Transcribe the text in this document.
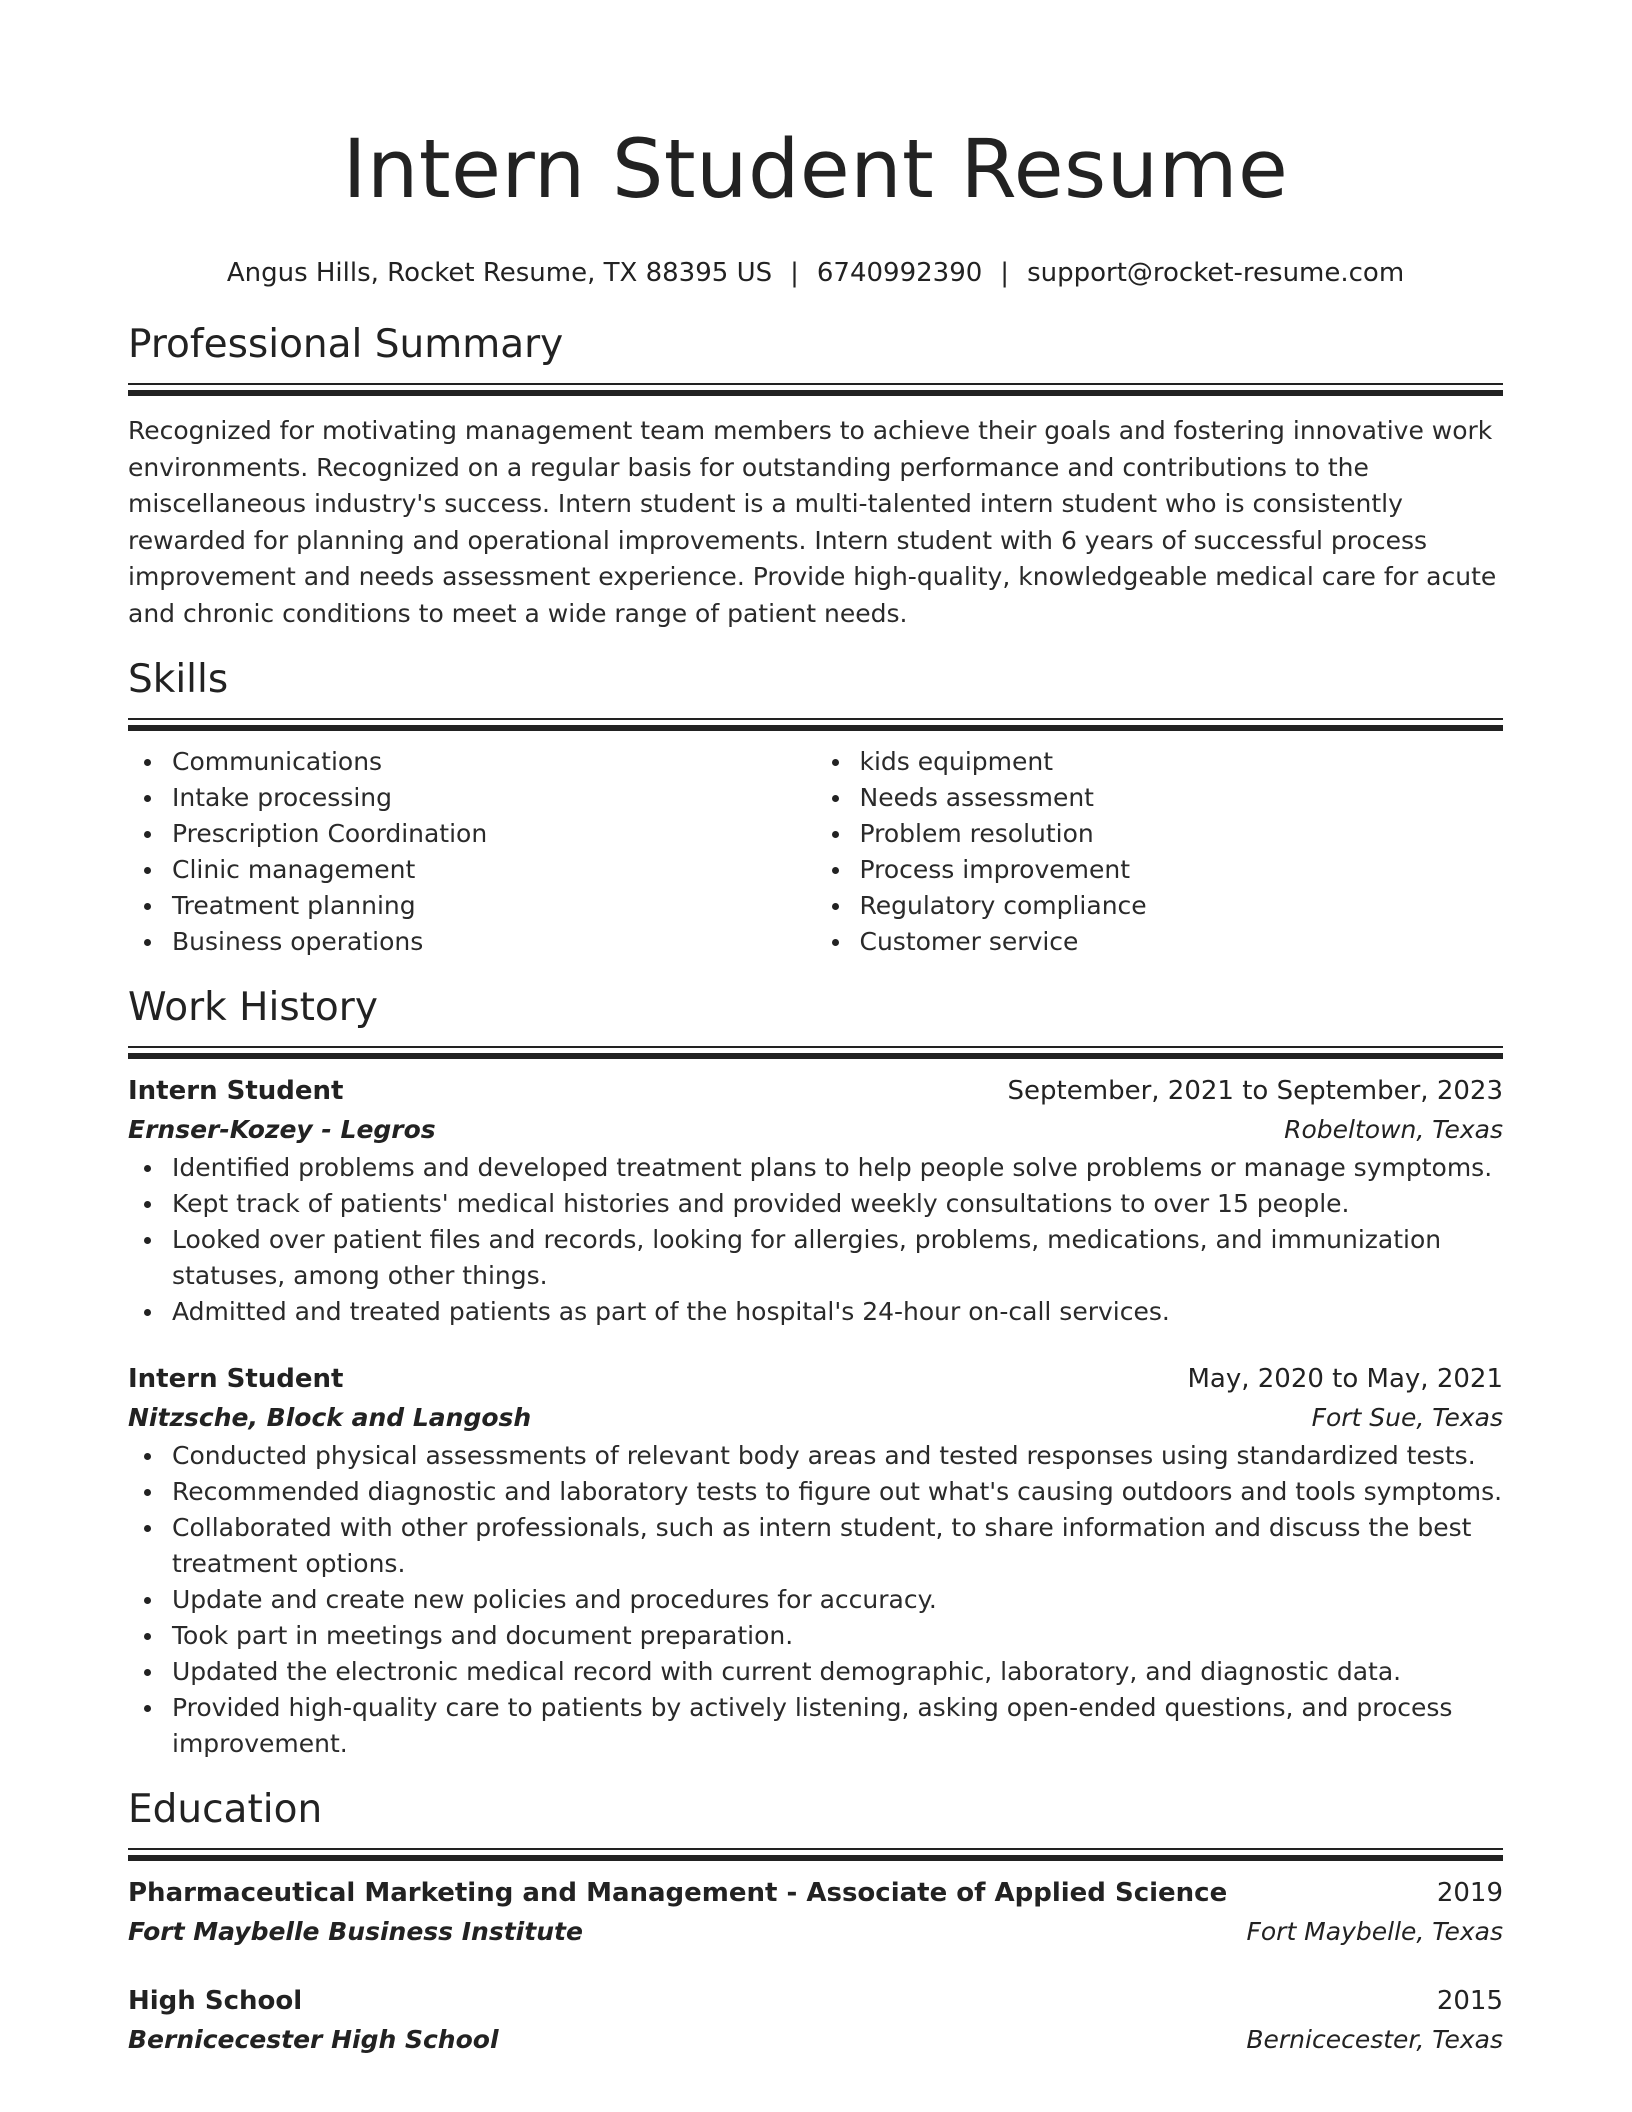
Intern Student Resume
Angus Hills, Rocket Resume, TX 88395 US | 6740992390 | support@rocket-resume.com
Professional Summary

Recognized for motivating management team members to achieve their goals and fostering innovative work environments. Recognized on a regular basis for outstanding performance and contributions to the miscellaneous industry's success. Intern student is a multi-talented intern student who is consistently rewarded for planning and operational improvements. Intern student with 6 years of successful process improvement and needs assessment experience. Provide high-quality, knowledgeable medical care for acute and chronic conditions to meet a wide range of patient needs.

Skills
Communications
Intake processing
Prescription Coordination
Clinic management
Treatment planning
Business operations
kids equipment
Needs assessment
Problem resolution
Process improvement
Regulatory compliance
Customer service
Work History
Intern Student	September, 2021 to September, 2023
Ernser-Kozey - Legros	Robeltown, Texas
Identified problems and developed treatment plans to help people solve problems or manage symptoms.
Kept track of patients' medical histories and provided weekly consultations to over 15 people.
Looked over patient files and records, looking for allergies, problems, medications, and immunization statuses, among other things.
Admitted and treated patients as part of the hospital's 24-hour on-call services.
Intern Student	May, 2020 to May, 2021
Nitzsche, Block and Langosh	Fort Sue, Texas
Conducted physical assessments of relevant body areas and tested responses using standardized tests.
Recommended diagnostic and laboratory tests to figure out what's causing outdoors and tools symptoms.
Collaborated with other professionals, such as intern student, to share information and discuss the best treatment options.
Update and create new policies and procedures for accuracy.
Took part in meetings and document preparation.
Updated the electronic medical record with current demographic, laboratory, and diagnostic data.
Provided high-quality care to patients by actively listening, asking open-ended questions, and process improvement.
Education
Pharmaceutical Marketing and Management - Associate of Applied Science	2019
Fort Maybelle Business Institute	Fort Maybelle, Texas
High School	2015
Bernicecester High School	Bernicecester, Texas
